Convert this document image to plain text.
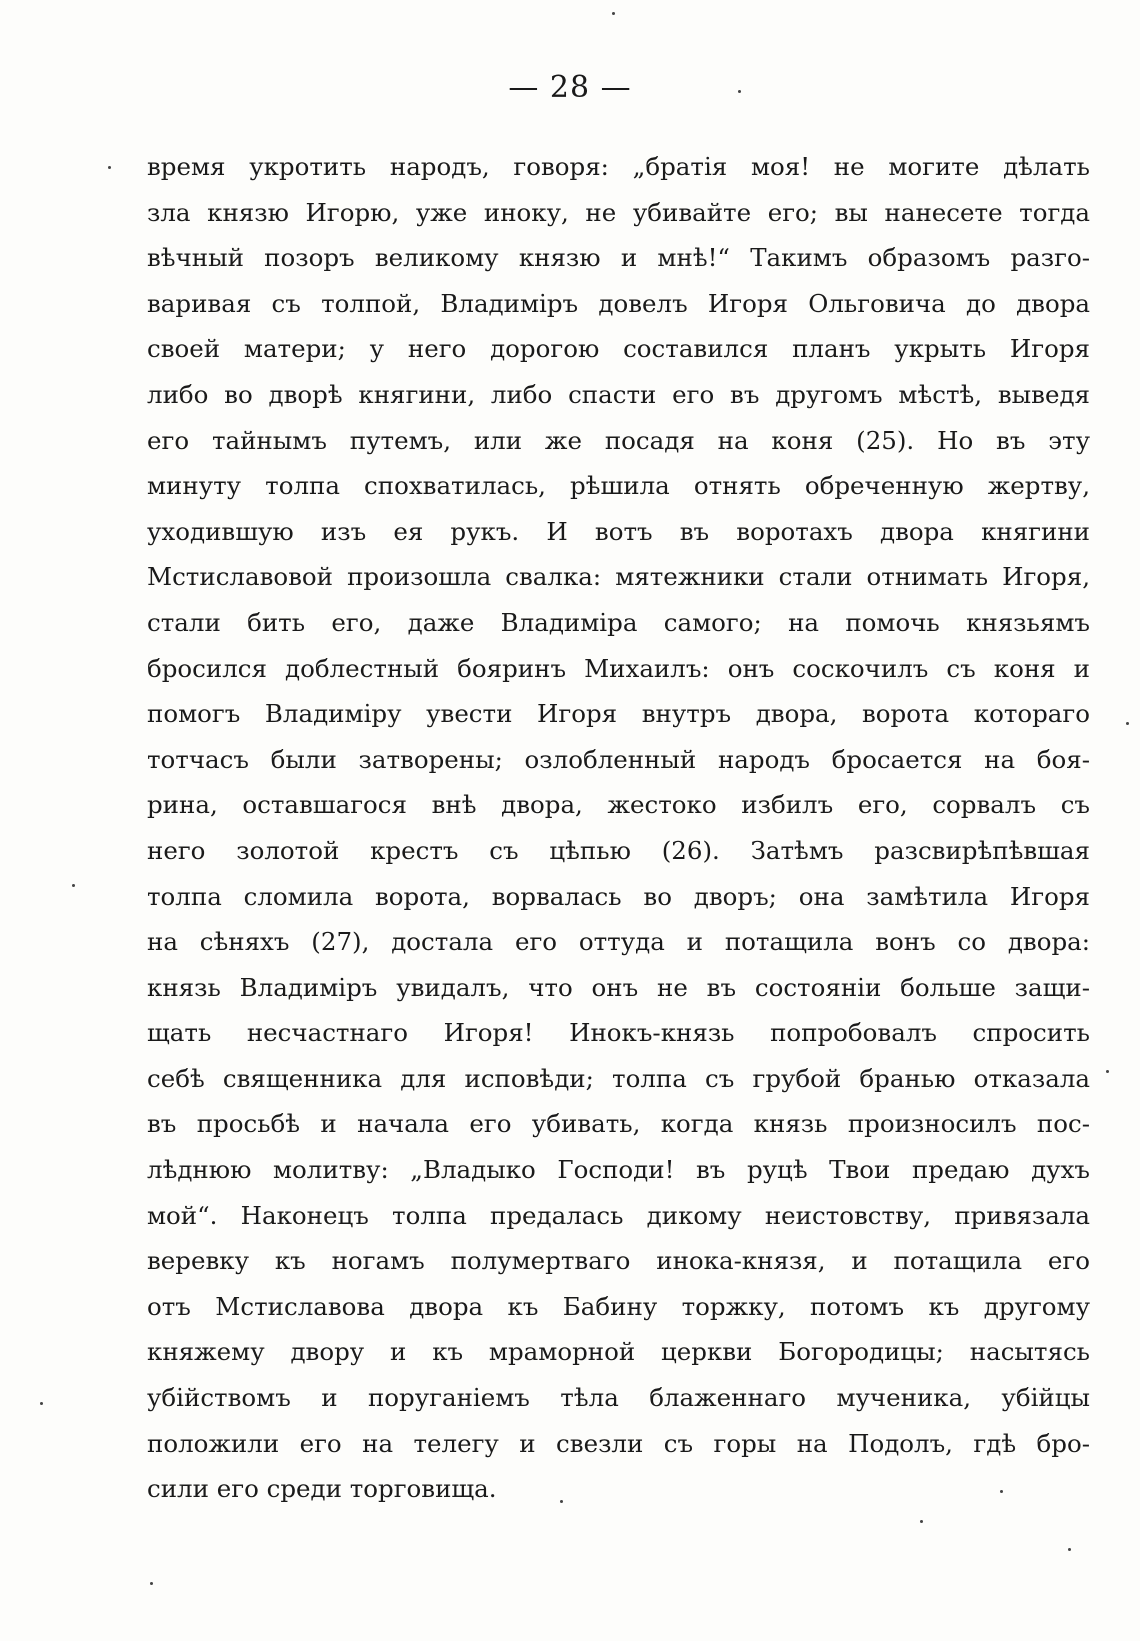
— 28 —
время укротить народъ, говоря: „братія моя! не могите дѣлать
зла князю Игорю, уже иноку, не убивайте его; вы нанесете тогда
вѣчный позоръ великому князю и мнѣ!“ Такимъ образомъ разго-
варивая съ толпой, Владиміръ довелъ Игоря Ольговича до двора
своей матери; у него дорогою составился планъ укрыть Игоря
либо во дворѣ княгини, либо спасти его въ другомъ мѣстѣ, выведя
его тайнымъ путемъ, или же посадя на коня (25). Но въ эту
минуту толпа спохватилась, рѣшила отнять обреченную жертву,
уходившую изъ ея рукъ. И вотъ въ воротахъ двора княгини
Мстиславовой произошла свалка: мятежники стали отнимать Игоря,
стали бить его, даже Владиміра самого; на помочь князьямъ
бросился доблестный бояринъ Михаилъ: онъ соскочилъ съ коня и
помогъ Владиміру увести Игоря внутръ двора, ворота котораго
тотчасъ были затворены; озлобленный народъ бросается на боя-
рина, оставшагося внѣ двора, жестоко избилъ его, сорвалъ съ
него золотой крестъ съ цѣпью (26). Затѣмъ разсвирѣпѣвшая
толпа сломила ворота, ворвалась во дворъ; она замѣтила Игоря
на сѣняхъ (27), достала его оттуда и потащила вонъ со двора:
князь Владиміръ увидалъ, что онъ не въ состояніи больше защи-
щать несчастнаго Игоря! Инокъ-князь попробовалъ спросить
себѣ священника для исповѣди; толпа съ грубой бранью отказала
въ просьбѣ и начала его убивать, когда князь произносилъ пос-
лѣднюю молитву: „Владыко Господи! въ руцѣ Твои предаю духъ
мой“. Наконецъ толпа предалась дикому неистовству, привязала
веревку къ ногамъ полумертваго инока-князя, и потащила его
отъ Мстиславова двора къ Бабину торжку, потомъ къ другому
княжему двору и къ мраморной церкви Богородицы; насытясь
убійствомъ и поруганіемъ тѣла блаженнаго мученика, убійцы
положили его на телегу и свезли съ горы на Подолъ, гдѣ бро-
сили его среди торговища.
